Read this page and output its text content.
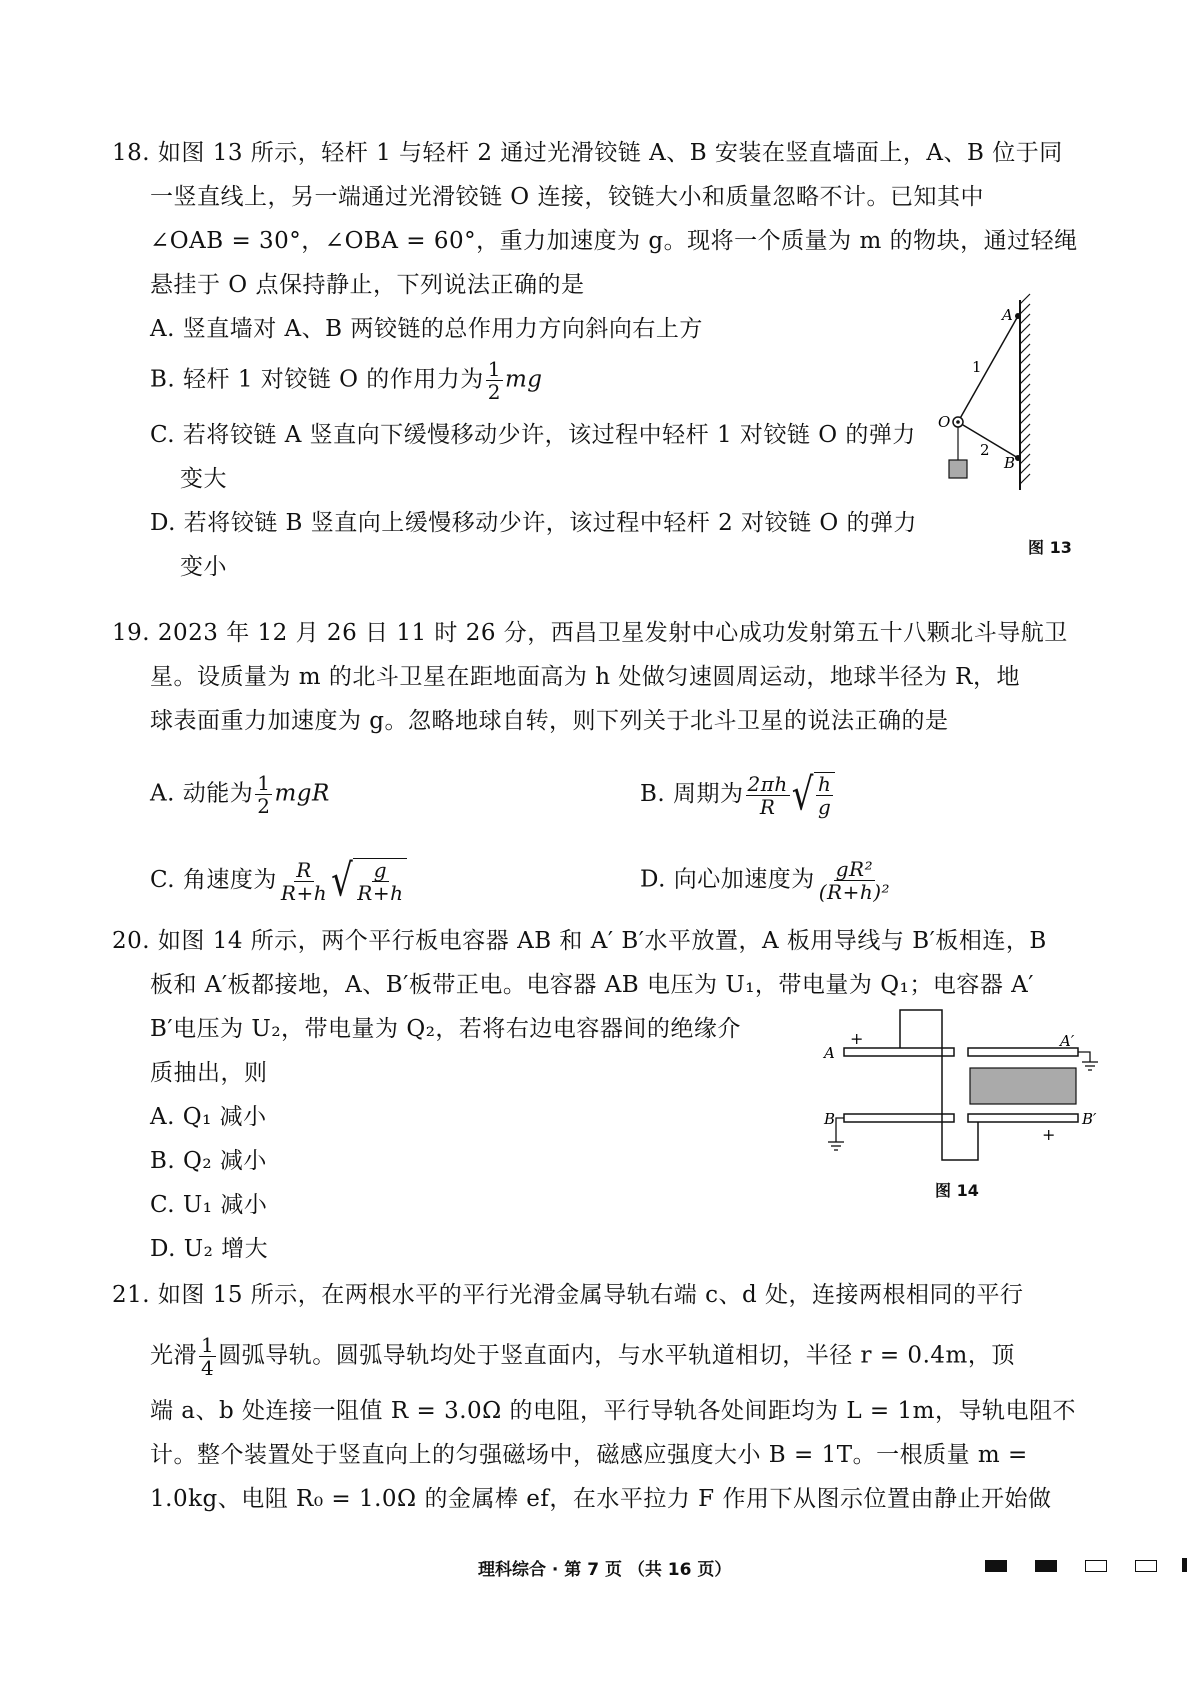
18. 如图 13 所示，轻杆 1 与轻杆 2 通过光滑铰链 A、B 安装在竖直墙面上，A、B 位于同
一竖直线上，另一端通过光滑铰链 O 连接，铰链大小和质量忽略不计。已知其中
∠OAB = 30°，∠OBA = 60°，重力加速度为 g。现将一个质量为 m 的物块，通过轻绳
悬挂于 O 点保持静止，下列说法正确的是
A. 竖直墙对 A、B 两铰链的总作用力方向斜向右上方
B. 轻杆 1 对铰链 O 的作用力为 $\frac{1}{2}$ mg
C. 若将铰链 A 竖直向下缓慢移动少许，该过程中轻杆 1 对铰链 O 的弹力
变大
D. 若将铰链 B 竖直向上缓慢移动少许，该过程中轻杆 2 对铰链 O 的弹力
变小
A
B
O
1
2
图 13
19. 2023 年 12 月 26 日 11 时 26 分，西昌卫星发射中心成功发射第五十八颗北斗导航卫
星。设质量为 m 的北斗卫星在距地面高为 h 处做匀速圆周运动，地球半径为 R，地
球表面重力加速度为 g。忽略地球自转，则下列关于北斗卫星的说法正确的是
A. 动能为 $\frac{1}{2}$ mgR	B. 周期为 $\frac{2\pi h}{R}$ √ $\frac{h}{g}$
C. 角速度为 $\frac{R}{R+h}$ √ $\frac{g}{R+h}$	D. 向心加速度为 $\frac{\text{gR²}}{\text{(R+h)²}}$
20. 如图 14 所示，两个平行板电容器 AB 和 A′ B′水平放置，A 板用导线与 B′板相连，B
板和 A′板都接地，A、B′板带正电。电容器 AB 电压为 U₁，带电量为 Q₁；电容器 A′
B′电压为 U₂，带电量为 Q₂，若将右边电容器间的绝缘介
质抽出，则
A. Q₁ 减小
B. Q₂ 减小
C. U₁ 减小
D. U₂ 增大
A
B
A′
B′
+
+
图 14
21. 如图 15 所示，在两根水平的平行光滑金属导轨右端 c、d 处，连接两根相同的平行
光滑 $\frac{1}{4}$ 圆弧导轨。圆弧导轨均处于竖直面内，与水平轨道相切，半径 r = 0.4m，顶
端 a、b 处连接一阻值 R = 3.0Ω 的电阻，平行导轨各处间距均为 L = 1m，导轨电阻不
计。整个装置处于竖直向上的匀强磁场中，磁感应强度大小 B = 1T。一根质量 m =
1.0kg、电阻 R₀ = 1.0Ω 的金属棒 ef，在水平拉力 F 作用下从图示位置由静止开始做
理科综合 · 第 7 页 （共 16 页）
